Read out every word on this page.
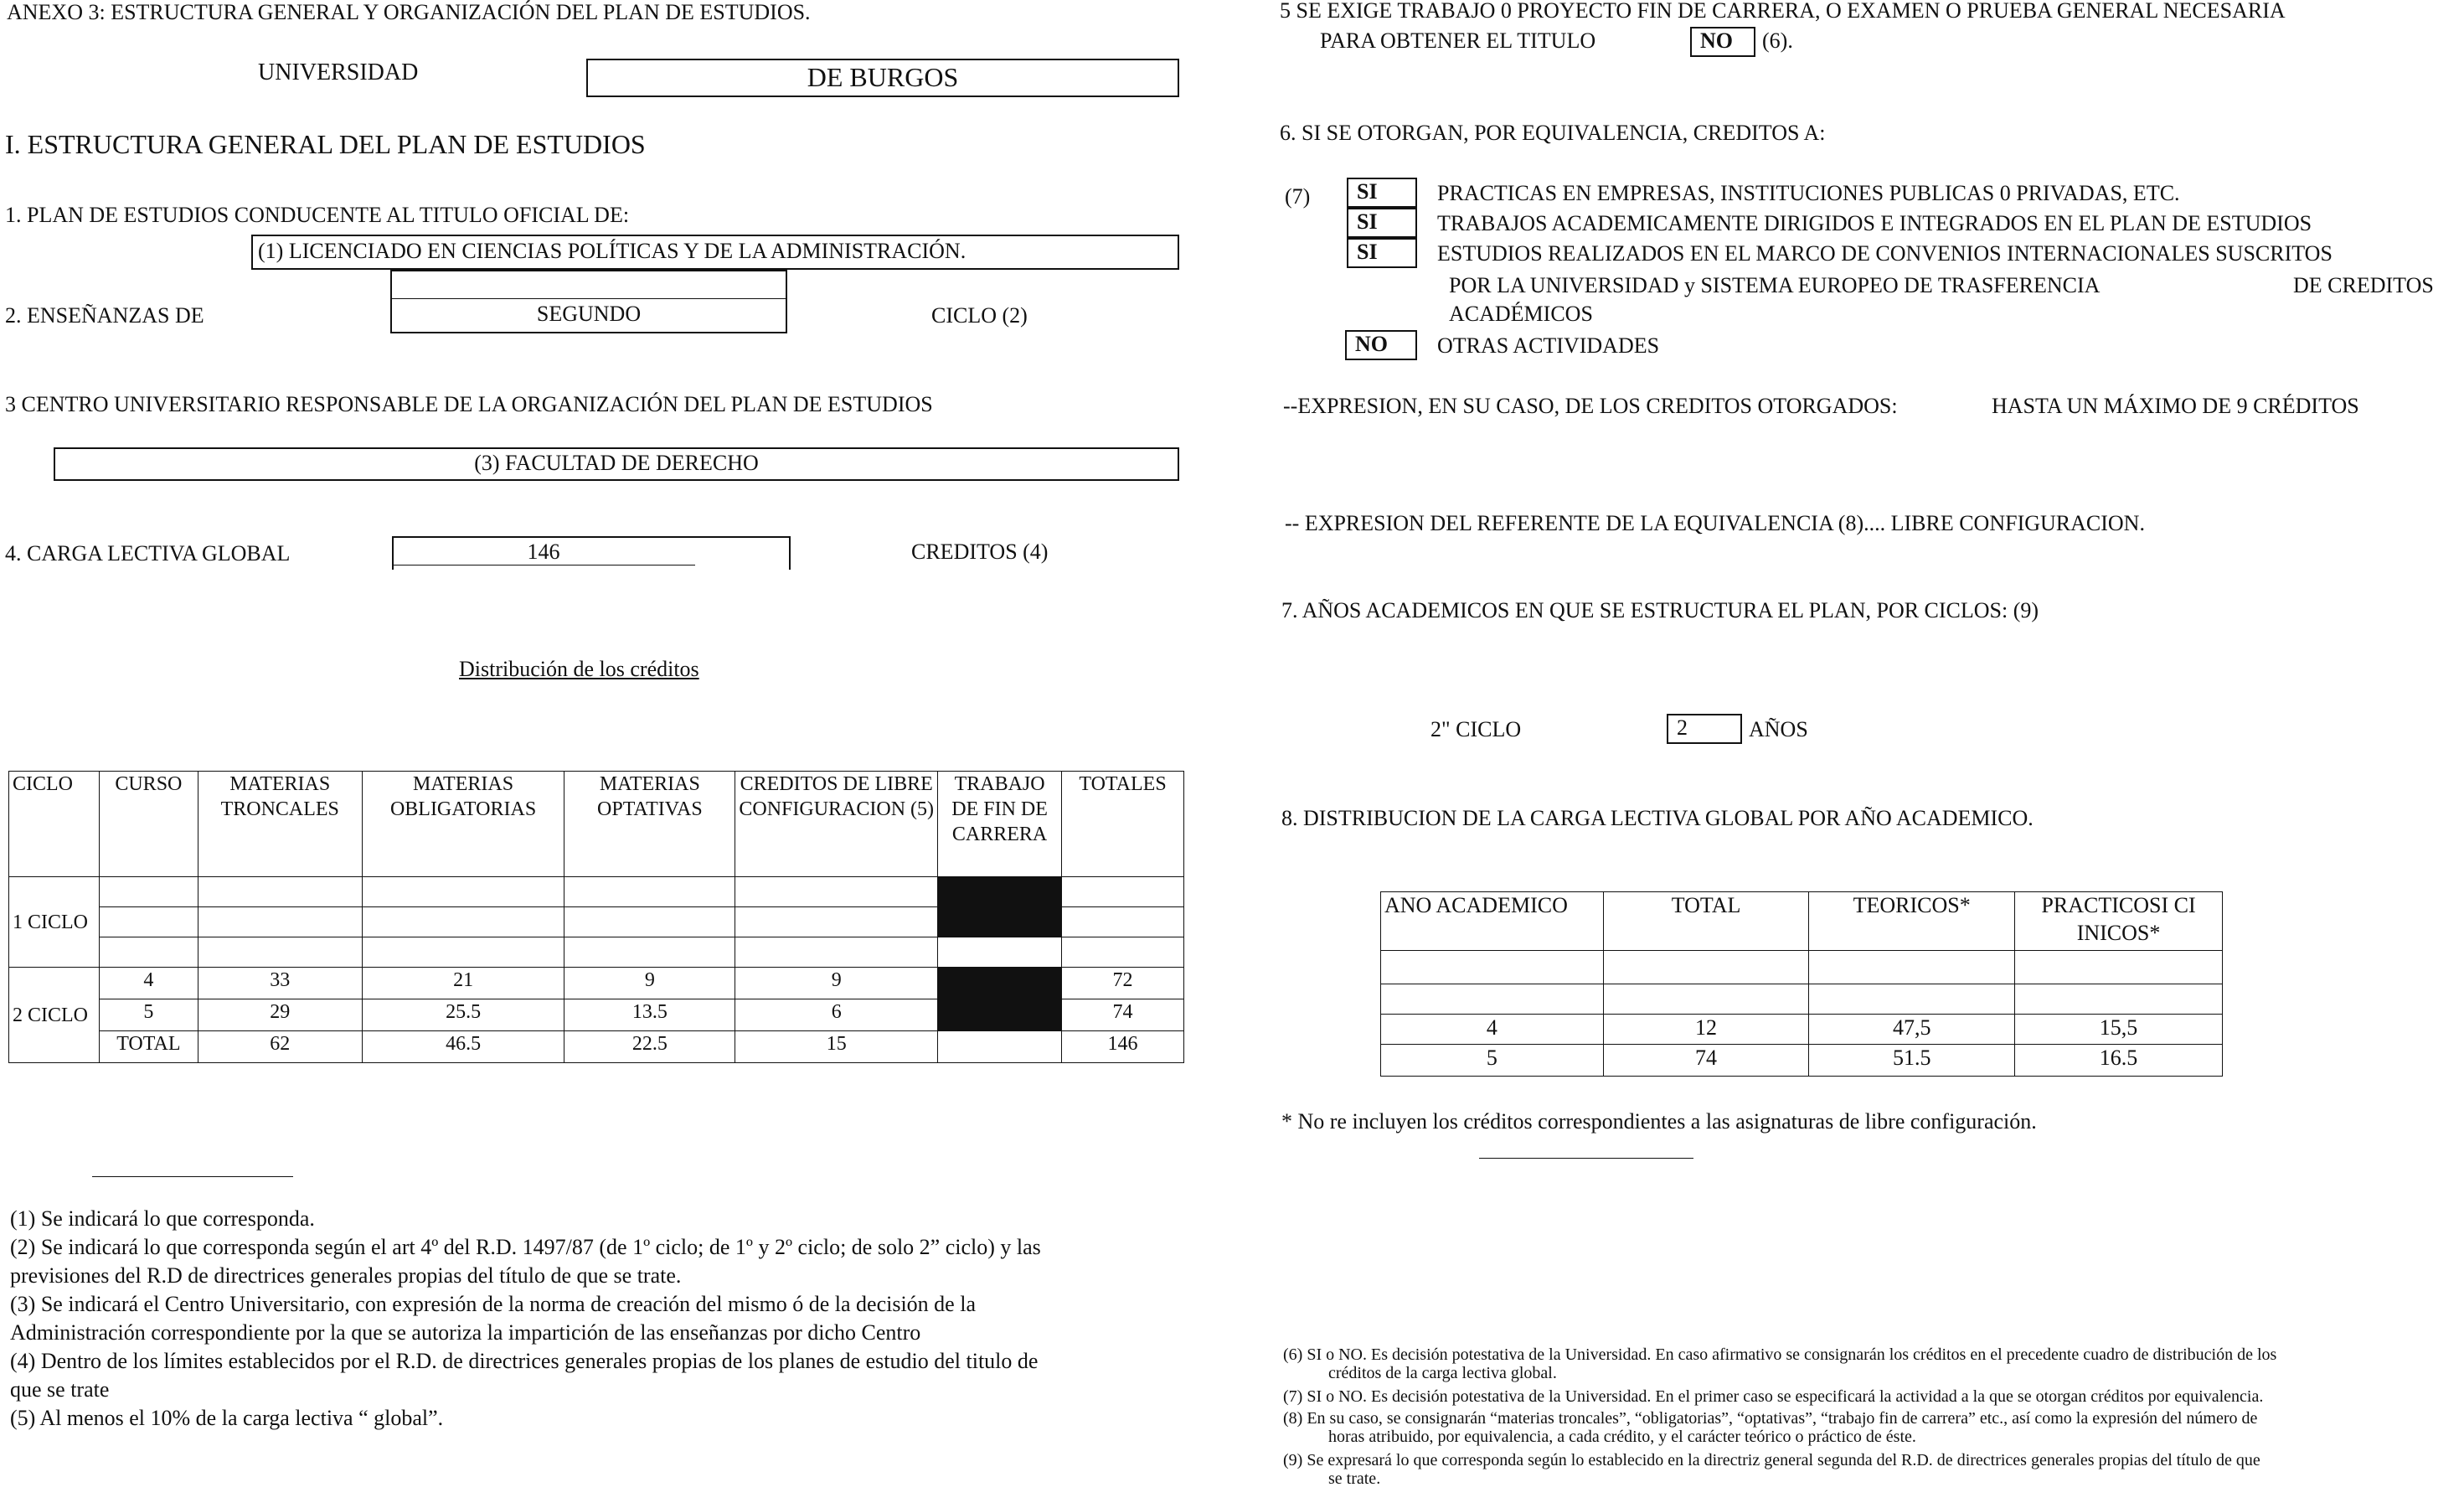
ANEXO 3: ESTRUCTURA GENERAL Y ORGANIZACIÓN DEL PLAN DE ESTUDIOS.
UNIVERSIDAD	DE BURGOS
I. ESTRUCTURA GENERAL DEL PLAN DE ESTUDIOS
1. PLAN DE ESTUDIOS CONDUCENTE AL TITULO OFICIAL DE:
(1) LICENCIADO EN CIENCIAS POLÍTICAS Y DE LA ADMINISTRACIÓN.
SEGUNDO
2. ENSEÑANZAS DE	CICLO (2)
3 CENTRO UNIVERSITARIO RESPONSABLE DE LA ORGANIZACIÓN DEL PLAN DE ESTUDIOS
(3) FACULTAD DE DERECHO
4. CARGA LECTIVA GLOBAL	146	CREDITOS (4)
Distribución de los créditos
CICLO	CURSO	MATERIAS TRONCALES	MATERIAS OBLIGATORIAS	MATERIAS OPTATIVAS	CREDITOS DE LIBRE CONFIGURACION (5)	TRABAJO DE FIN DE CARRERA	TOTALES
1 CICLO							

2 CICLO	4	33	21	9	9		72
	5	29	25.5	13.5	6		74
	TOTAL	62	46.5	22.5	15		146
(1) Se indicará lo que corresponda.
(2) Se indicará lo que corresponda según el art 4º del R.D. 1497/87 (de 1º ciclo; de 1º y 2º ciclo; de solo 2” ciclo) y las
previsiones del R.D de directrices generales propias del título de que se trate.
(3) Se indicará el Centro Universitario, con expresión de la norma de creación del mismo ó de la decisión de la
Administración correspondiente por la que se autoriza la impartición de las enseñanzas por dicho Centro
(4) Dentro de los límites establecidos por el R.D. de directrices generales propias de los planes de estudio del titulo de
que se trate
(5) Al menos el 10% de la carga lectiva “ global”.
5 SE EXIGE TRABAJO 0 PROYECTO FIN DE CARRERA, O EXAMEN O PRUEBA GENERAL NECESARIA
PARA OBTENER EL TITULO	NO	(6).
6. SI SE OTORGAN, POR EQUIVALENCIA, CREDITOS A:
(7)	SI	PRACTICAS EN EMPRESAS, INSTITUCIONES PUBLICAS 0 PRIVADAS, ETC.
SI	TRABAJOS ACADEMICAMENTE DIRIGIDOS E INTEGRADOS EN EL PLAN DE ESTUDIOS
SI	ESTUDIOS REALIZADOS EN EL MARCO DE CONVENIOS INTERNACIONALES SUSCRITOS
POR LA UNIVERSIDAD y SISTEMA EUROPEO DE TRASFERENCIA	DE CREDITOS
ACADÉMICOS
NO	OTRAS ACTIVIDADES
--EXPRESION, EN SU CASO, DE LOS CREDITOS OTORGADOS:	HASTA UN MÁXIMO DE 9 CRÉDITOS
-- EXPRESION DEL REFERENTE DE LA EQUIVALENCIA (8).... LIBRE CONFIGURACION.
7. AÑOS ACADEMICOS EN QUE SE ESTRUCTURA EL PLAN, POR CICLOS: (9)
2" CICLO	2	AÑOS
8. DISTRIBUCION DE LA CARGA LECTIVA GLOBAL POR AÑO ACADEMICO.
ANO ACADEMICO	TOTAL	TEORICOS*	PRACTICOSI CI INICOS*

4	12	47,5	15,5
5	74	51.5	16.5
* No re incluyen los créditos correspondientes a las asignaturas de libre configuración.
(6) SI o NO. Es decisión potestativa de la Universidad. En caso afirmativo se consignarán los créditos en el precedente cuadro de distribución de los
créditos de la carga lectiva global.
(7) SI o NO. Es decisión potestativa de la Universidad. En el primer caso se especificará la actividad a la que se otorgan créditos por equivalencia.
(8) En su caso, se consignarán “materias troncales”, “obligatorias”, “optativas”, “trabajo fin de carrera” etc., así como la expresión del número de
horas atribuido, por equivalencia, a cada crédito, y el carácter teórico o práctico de éste.
(9) Se expresará lo que corresponda según lo establecido en la directriz general segunda del R.D. de directrices generales propias del título de que
se trate.
